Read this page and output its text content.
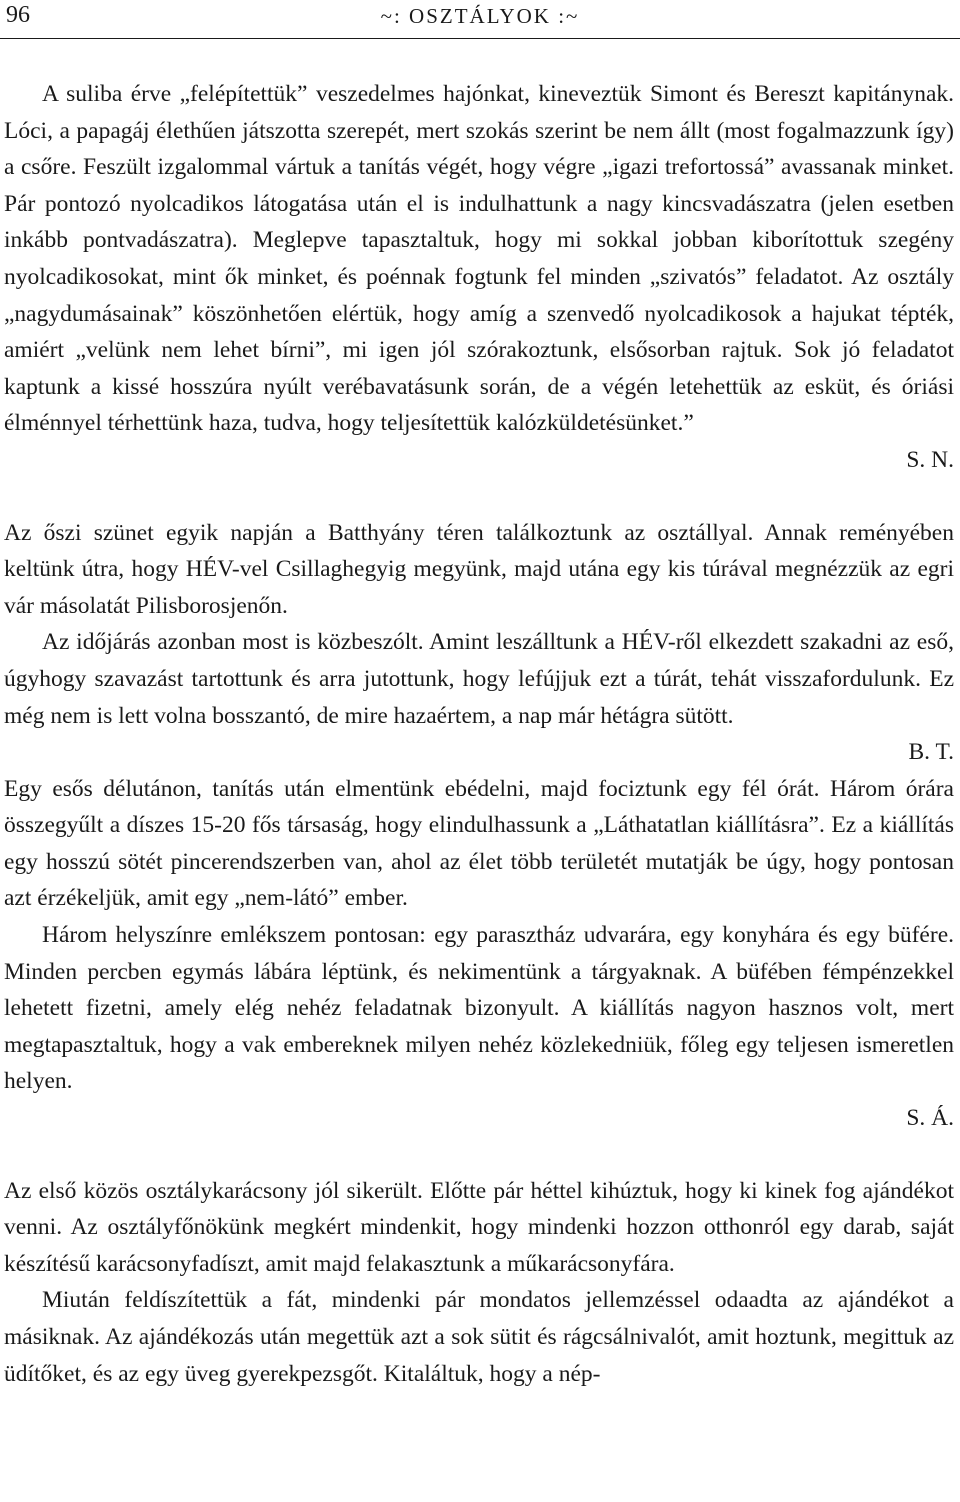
96	~: OSZTÁLYOK :~

A suliba érve „felépítettük” veszedelmes hajónkat, kineveztük Simont és Bereszt kapitánynak. Lóci, a papagáj élethűen játszotta szerepét, mert szokás szerint be nem állt (most fogalmazzunk így) a csőre. Feszült izgalommal vártuk a tanítás végét, hogy végre „igazi trefortossá” avassanak minket. Pár pontozó nyolcadikos látogatása után el is indulhattunk a nagy kincsvadászatra (jelen esetben inkább pontvadászatra). Meglepve tapasztaltuk, hogy mi sokkal jobban kiborítottuk szegény nyolcadikosokat, mint ők minket, és poénnak fogtunk fel minden „szivatós” feladatot. Az osztály „nagydumásainak” köszönhetően elértük, hogy amíg a szenvedő nyolcadikosok a hajukat tépték, amiért „velünk nem lehet bírni”, mi igen jól szórakoztunk, elsősorban rajtuk. Sok jó feladatot kaptunk a kissé hosszúra nyúlt verébavatásunk során, de a végén letehettük az esküt, és óriási élménnyel térhettünk haza, tudva, hogy teljesítettük kalózküldetésünket.”

S. N.

Az őszi szünet egyik napján a Batthyány téren találkoztunk az osztállyal. Annak reményében keltünk útra, hogy HÉV-vel Csillaghegyig megyünk, majd utána egy kis túrával megnézzük az egri vár másolatát Pilisborosjenőn.

Az időjárás azonban most is közbeszólt. Amint leszálltunk a HÉV-ről elkezdett szakadni az eső, úgyhogy szavazást tartottunk és arra jutottunk, hogy lefújjuk ezt a túrát, tehát visszafordulunk. Ez még nem is lett volna bosszantó, de mire hazaértem, a nap már hétágra sütött.

B. T.

Egy esős délutánon, tanítás után elmentünk ebédelni, majd fociztunk egy fél órát. Három órára összegyűlt a díszes 15-20 fős társaság, hogy elindulhassunk a „Láthatatlan kiállításra”. Ez a kiállítás egy hosszú sötét pincerendszerben van, ahol az élet több területét mutatják be úgy, hogy pontosan azt érzékeljük, amit egy „nem-látó” ember.

Három helyszínre emlékszem pontosan: egy parasztház udvarára, egy konyhára és egy büfére. Minden percben egymás lábára léptünk, és nekimentünk a tárgyaknak. A büfében fémpénzekkel lehetett fizetni, amely elég nehéz feladatnak bizonyult. A kiállítás nagyon hasznos volt, mert megtapasztaltuk, hogy a vak embereknek milyen nehéz közlekedniük, főleg egy teljesen ismeretlen helyen.

S. Á.

Az első közös osztálykarácsony jól sikerült. Előtte pár héttel kihúztuk, hogy ki kinek fog ajándékot venni. Az osztályfőnökünk megkért mindenkit, hogy mindenki hozzon otthonról egy darab, saját készítésű karácsonyfadíszt, amit majd felakasztunk a műkarácsonyfára.

Miután feldíszítettük a fát, mindenki pár mondatos jellemzéssel odaadta az ajándékot a másiknak. Az ajándékozás után megettük azt a sok sütit és rágcsálnivalót, amit hoztunk, megittuk az üdítőket, és az egy üveg gyerekpezsgőt. Kitaláltuk, hogy a nép-
